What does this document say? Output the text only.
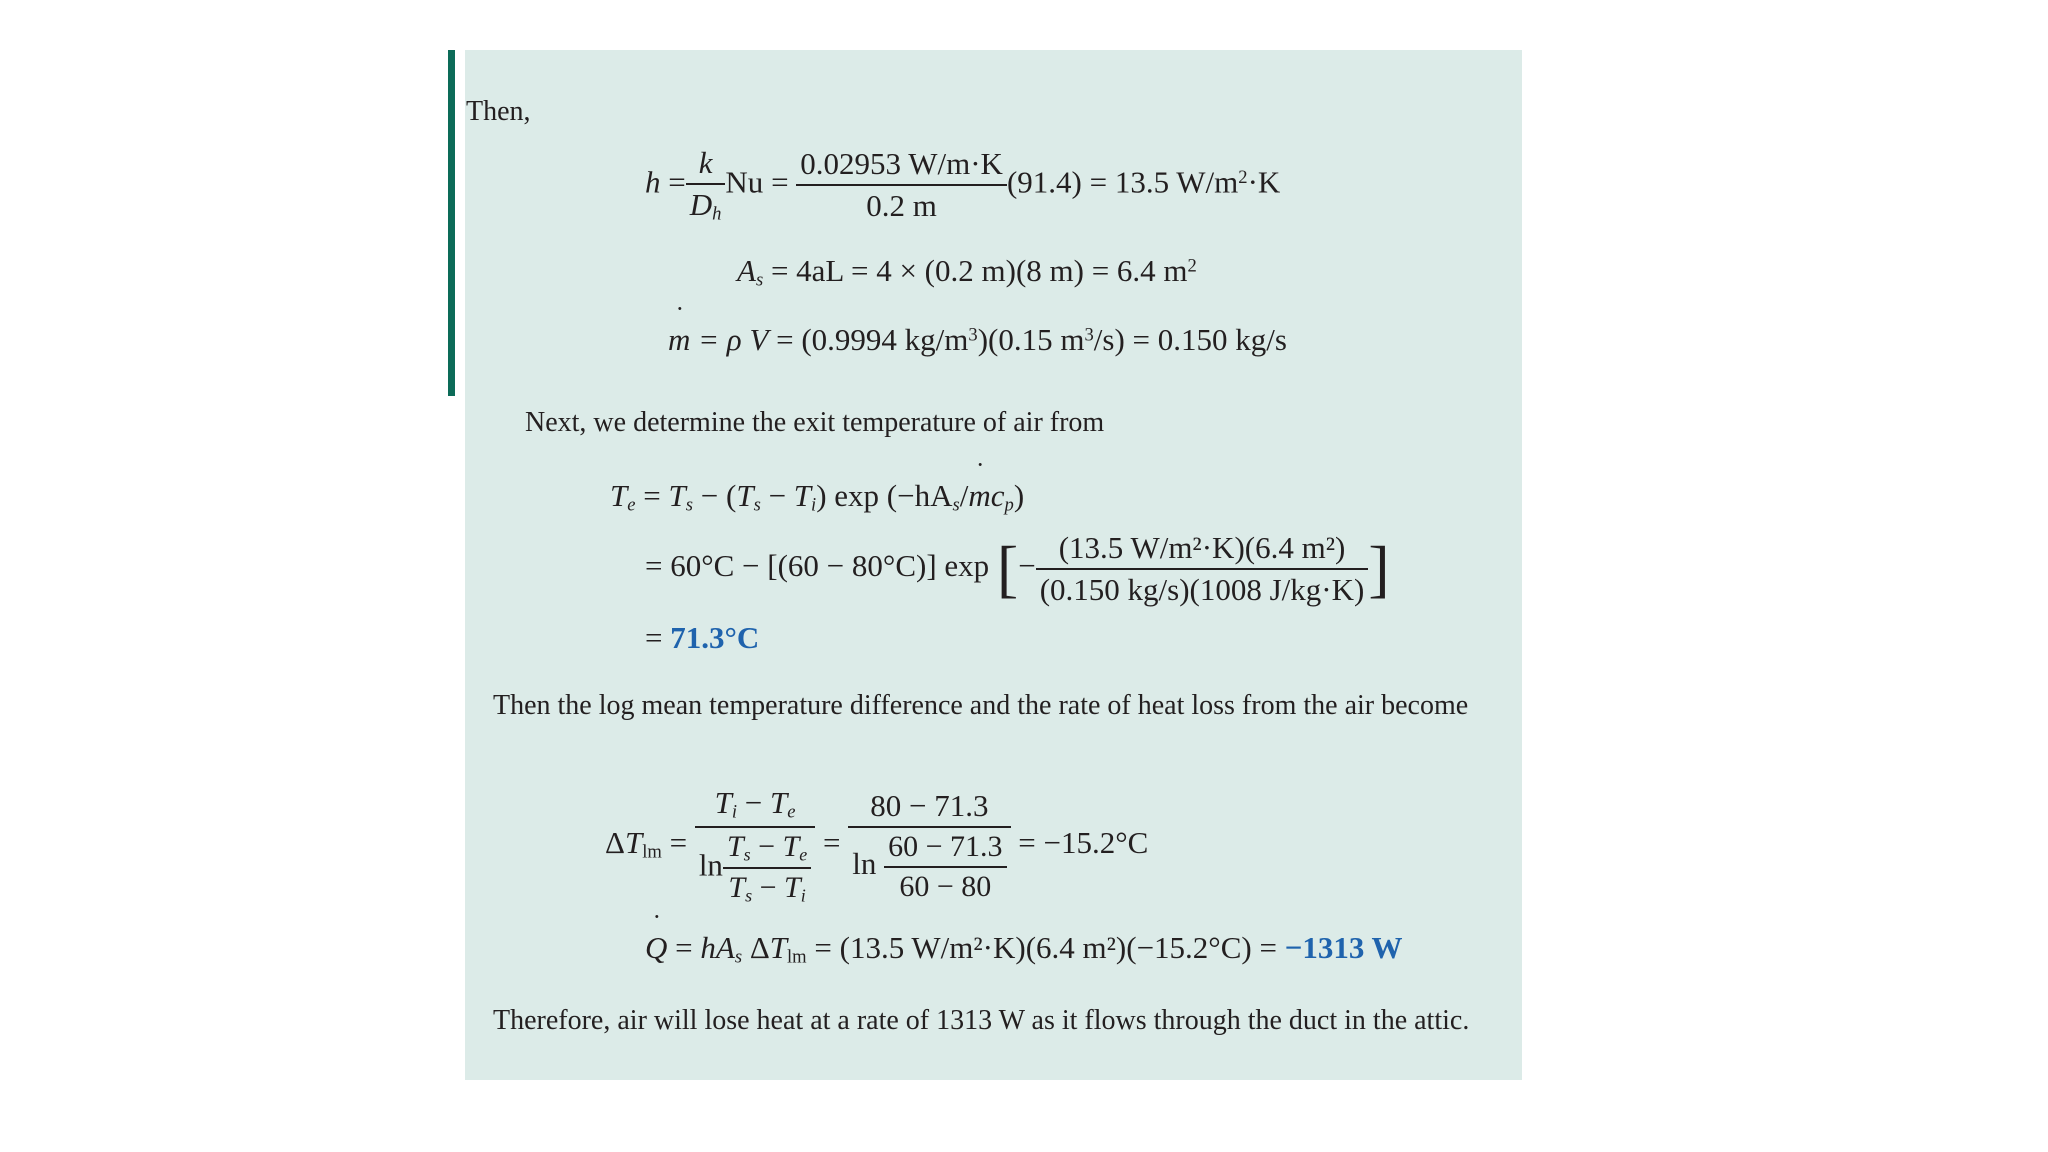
Then,
$h = \frac{k}{D_h}$ $Nu = \frac{0.02953 W/m\cdot K}{0.2 m} (91.4) = 13.5$ $W/m^2\cdot K$
$A_s = 4aL = 4 \times (0.2$ m)(8 m) = 6.4 $m^2$
m ˙ = ρ V = (0.9994 $kg/m^3)(0.15$ $m^3/s) = 0.150$ kg/s
Next, we determine the exit temperature of air from
$T_e = T_s - (T_s - T_i)$ $\exp (-hA_s/m$ $˙c_p$)
= 60°C − [(60 − 80°C)] exp [− $\frac{\text{(13.5 W/m²·K)(6.4 m²)}}{(0.150 kg/s)(1008 J/kg\cdot K)}$ ]
= 71.3°C
Then the log mean temperature difference and the rate of heat loss from the air become
$\Delta T_{lm} = \frac{T_i - T_e}{\ln \frac{T_s - T_e}{T_s - T_i}} = \frac{80 - 71.3}{\ln \frac{60 - 71.3}{60 - 80}} = -15.2^\circ C$
Q ˙ = $hA_s$ $\Delta T_{lm} = (13.5$ W/m²·K)(6.4 m²)(−15.2°C) = −1313 W
Therefore, air will lose heat at a rate of 1313 W as it flows through the duct in the attic.
